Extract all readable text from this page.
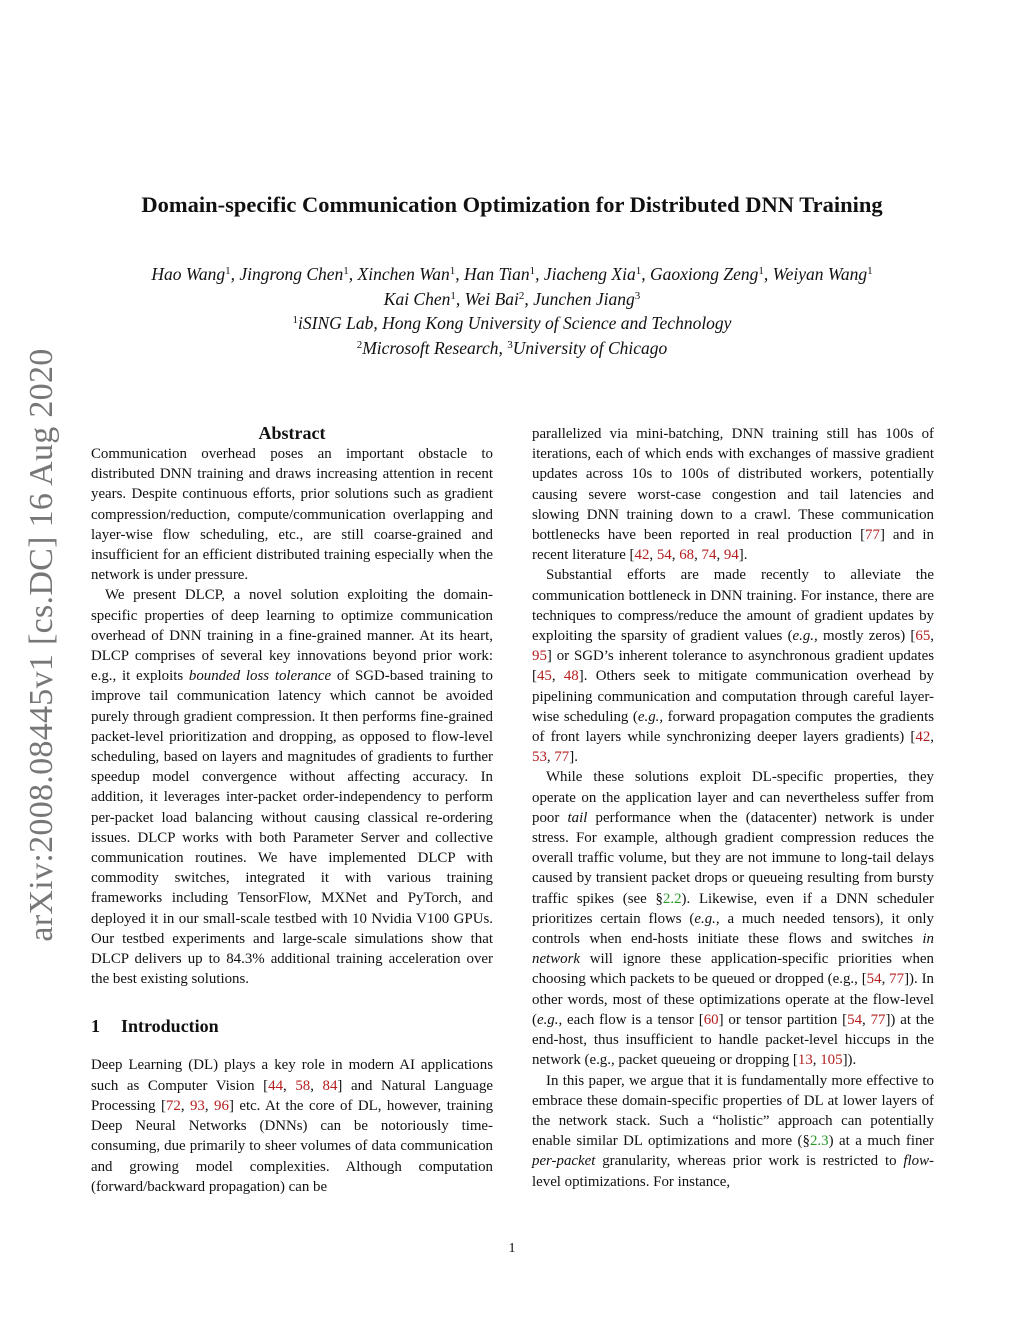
arXiv:2008.08445v1 [cs.DC] 16 Aug 2020
Domain-specific Communication Optimization for Distributed DNN Training
Hao Wang$^1$, Jingrong Chen$^1$, Xinchen Wan$^1$, Han Tian$^1$, Jiacheng Xia$^1$, Gaoxiong Zeng$^1$, Weiyan Wang$^1$
Kai Chen$^1$, Wei Bai$^2$, Junchen Jiang$^3$
$^1$iSING Lab, Hong Kong University of Science and Technology
$^2$Microsoft Research, $^3$University of Chicago
Abstract

Communication overhead poses an important obstacle to distributed DNN training and draws increasing attention in recent years. Despite continuous efforts, prior solutions such as gradient compression/reduction, compute/communication overlapping and layer-wise flow scheduling, etc., are still coarse-grained and insufficient for an efficient distributed training especially when the network is under pressure.

We present DLCP, a novel solution exploiting the domain-specific properties of deep learning to optimize communication overhead of DNN training in a fine-grained manner. At its heart, DLCP comprises of several key innovations beyond prior work: e.g., it exploits bounded loss tolerance of SGD-based training to improve tail communication latency which cannot be avoided purely through gradient compression. It then performs fine-grained packet-level prioritization and dropping, as opposed to flow-level scheduling, based on layers and magnitudes of gradients to further speedup model convergence without affecting accuracy. In addition, it leverages inter-packet order-independency to perform per-packet load balancing without causing classical re-ordering issues. DLCP works with both Parameter Server and collective communication routines. We have implemented DLCP with commodity switches, integrated it with various training frameworks including TensorFlow, MXNet and PyTorch, and deployed it in our small-scale testbed with 10 Nvidia V100 GPUs. Our testbed experiments and large-scale simulations show that DLCP delivers up to 84.3% additional training acceleration over the best existing solutions.

1 Introduction

Deep Learning (DL) plays a key role in modern AI applications such as Computer Vision [44, 58, 84] and Natural Language Processing [72, 93, 96] etc. At the core of DL, however, training Deep Neural Networks (DNNs) can be notoriously time-consuming, due primarily to sheer volumes of data communication and growing model complexities. Although computation (forward/backward propagation) can be

parallelized via mini-batching, DNN training still has 100s of iterations, each of which ends with exchanges of massive gradient updates across 10s to 100s of distributed workers, potentially causing severe worst-case congestion and tail latencies and slowing DNN training down to a crawl. These communication bottlenecks have been reported in real production [77] and in recent literature [42, 54, 68, 74, 94].

Substantial efforts are made recently to alleviate the communication bottleneck in DNN training. For instance, there are techniques to compress/reduce the amount of gradient updates by exploiting the sparsity of gradient values (e.g., mostly zeros) [65, 95] or SGD’s inherent tolerance to asynchronous gradient updates [45, 48]. Others seek to mitigate communication overhead by pipelining communication and computation through careful layer-wise scheduling (e.g., forward propagation computes the gradients of front layers while synchronizing deeper layers gradients) [42, 53, 77].

While these solutions exploit DL-specific properties, they operate on the application layer and can nevertheless suffer from poor tail performance when the (datacenter) network is under stress. For example, although gradient compression reduces the overall traffic volume, but they are not immune to long-tail delays caused by transient packet drops or queueing resulting from bursty traffic spikes (see §2.2). Likewise, even if a DNN scheduler prioritizes certain flows (e.g., a much needed tensors), it only controls when end-hosts initiate these flows and switches in network will ignore these application-specific priorities when choosing which packets to be queued or dropped (e.g., [54, 77]). In other words, most of these optimizations operate at the flow-level (e.g., each flow is a tensor [60] or tensor partition [54, 77]) at the end-host, thus insufficient to handle packet-level hiccups in the network (e.g., packet queueing or dropping [13, 105]).

In this paper, we argue that it is fundamentally more effective to embrace these domain-specific properties of DL at lower layers of the network stack. Such a “holistic” approach can potentially enable similar DL optimizations and more (§2.3) at a much finer per-packet granularity, whereas prior work is restricted to flow-level optimizations. For instance,

1
